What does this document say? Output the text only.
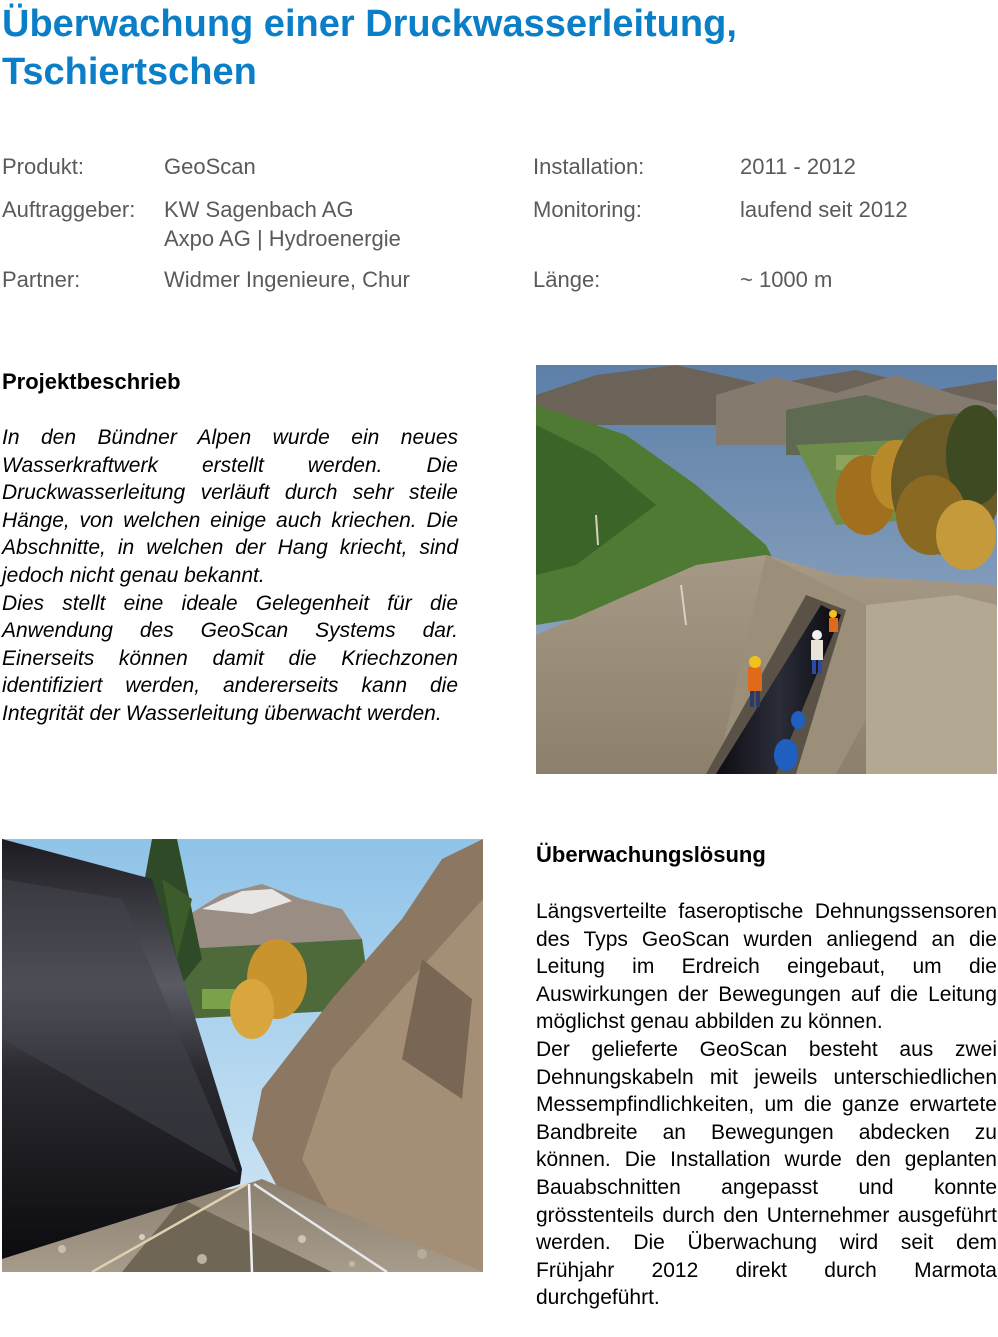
Überwachung einer Druckwasserleitung,
Tschiertschen
Produkt:	GeoScan
Auftraggeber: KW Sagenbach AG
Axpo AG | Hydroenergie
Partner:	Widmer Ingenieure, Chur
Installation:	2011 - 2012
Monitoring:	laufend seit 2012
Länge:	~ 1000 m
Projektbeschrieb

In den Bündner Alpen wurde ein neues Wasserkraftwerk erstellt werden. Die Druckwasserleitung verläuft durch sehr steile Hänge, von welchen einige auch kriechen. Die Abschnitte, in welchen der Hang kriecht, sind jedoch nicht genau bekannt.

Dies stellt eine ideale Gelegenheit für die Anwendung des GeoScan Systems dar. Einerseits können damit die Kriechzonen identifiziert werden, andererseits kann die Integrität der Wasserleitung überwacht werden.

Überwachungslösung

Längsverteilte faseroptische Dehnungssensoren des Typs GeoScan wurden anliegend an die Leitung im Erdreich eingebaut, um die Auswirkungen der Bewegungen auf die Leitung möglichst genau abbilden zu können.

Der gelieferte GeoScan besteht aus zwei Dehnungskabeln mit jeweils unterschiedlichen Messempfindlichkeiten, um die ganze erwartete Bandbreite an Bewegungen abdecken zu können. Die Installation wurde den geplanten Bauabschnitten angepasst und konnte grösstenteils durch den Unternehmer ausgeführt werden. Die Überwachung wird seit dem Frühjahr 2012 direkt durch Marmota durchgeführt.
